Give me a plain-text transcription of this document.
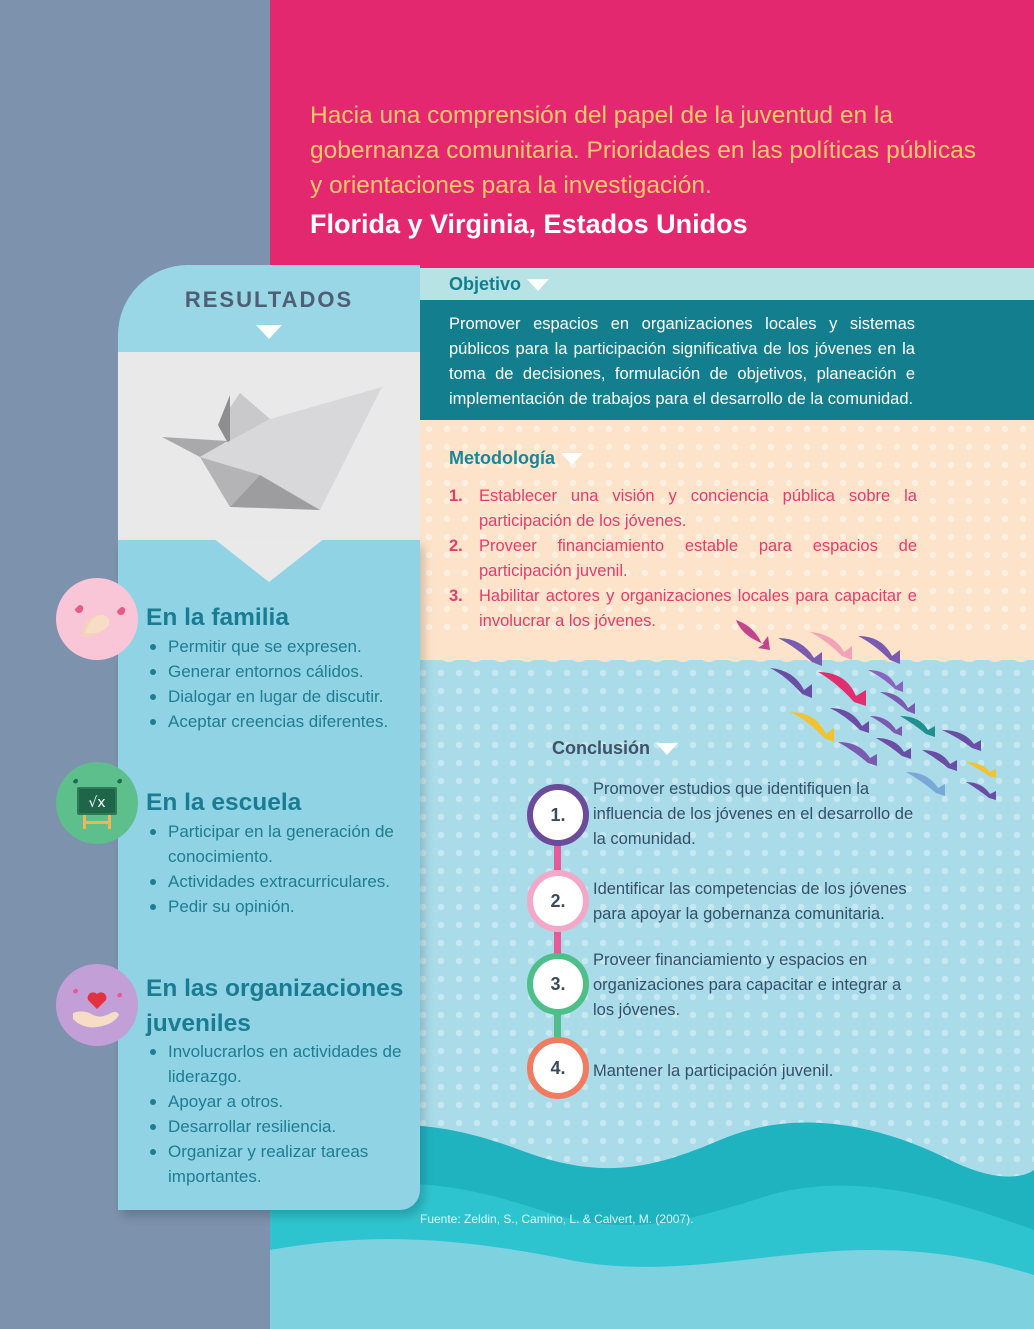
Hacia una comprensión del papel de la juventud en la gobernanza comunitaria. Prioridades en las políticas públicas y orientaciones para la investigación.
Florida y Virginia, Estados Unidos
Objetivo
Promover espacios en organizaciones locales y sistemas públicos para la participación significativa de los jóvenes en la toma de decisiones, formulación de objetivos, planeación e implementación de trabajos para el desarrollo de la comunidad.
Metodología
1. Establecer una visión y conciencia pública sobre la participación de los jóvenes.
2. Proveer financiamiento estable para espacios de participación juvenil.
3. Habilitar actores y organizaciones locales para capacitar e involucrar a los jóvenes.
Conclusión
1.
Promover estudios que identifiquen la influencia de los jóvenes en el desarrollo de la comunidad.
2.
Identificar las competencias de los jóvenes para apoyar la gobernanza comunitaria.
3.
Proveer financiamiento y espacios en organizaciones para capacitar e integrar a los jóvenes.
4.	Mantener la participación juvenil.
Fuente: Zeldin, S., Camino, L. & Calvert, M. (2007).
RESULTADOS
En la familia
Permitir que se expresen.
Generar entornos cálidos.
Dialogar en lugar de discutir.
Aceptar creencias diferentes.
√x En la escuela
Participar en la generación de conocimiento.
Actividades extracurriculares.
Pedir su opinión.
En las organizaciones juveniles
Involucrarlos en actividades de liderazgo.
Apoyar a otros.
Desarrollar resiliencia.
Organizar y realizar tareas importantes.
